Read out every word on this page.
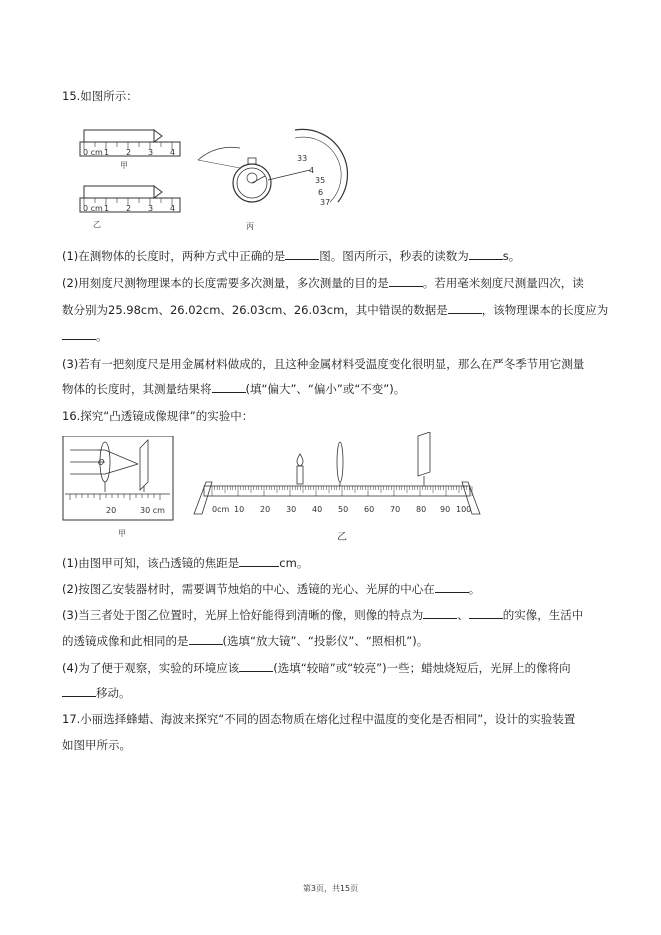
15.如图所示：
0 cm 1 2 3 4
甲
0 cm 1 2 3 4
乙	丙
33
4
35
6
37
(1)在测物体的长度时，两种方式中正确的是	图。图丙所示，秒表的读数为	s。
(2)用刻度尺测物理课本的长度需要多次测量，多次测量的目的是	。若用毫米刻度尺测量四次，读
数分别为25.98cm、26.02cm、26.03cm、26.03cm，其中错误的数据是	，该物理课本的长度应为
。
(3)若有一把刻度尺是用金属材料做成的，且这种金属材料受温度变化很明显，那么在严冬季节用它测量
物体的长度时，其测量结果将	(填“偏大”、“偏小”或“不变”)。
16.探究“凸透镜成像规律”的实验中：
O
20	30 cm
甲
0cm 10 20 30 40 50 60 70 80 90 100
乙
(1)由图甲可知，该凸透镜的焦距是	cm。
(2)按图乙安装器材时，需要调节烛焰的中心、透镜的光心、光屏的中心在	。
(3)当三者处于图乙位置时，光屏上恰好能得到清晰的像，则像的特点为	、	的实像，生活中
的透镜成像和此相同的是	(选填“放大镜”、“投影仪”、“照相机”)。
(4)为了便于观察，实验的环境应该	(选填“较暗”或“较亮”)一些；蜡烛烧短后，光屏上的像将向
移动。
17.小丽选择蜂蜡、海波来探究“不同的固态物质在熔化过程中温度的变化是否相同”，设计的实验装置
如图甲所示。
第3页，共15页
